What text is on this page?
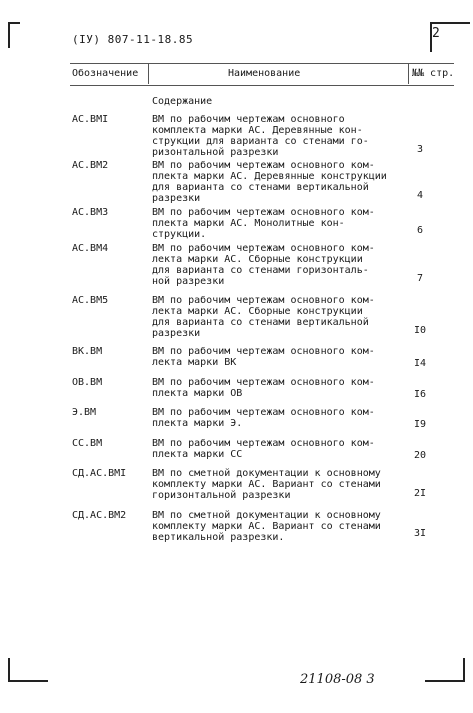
(IУ) 807-11-18.85	2
Обозначение	Наименование	№№ стр.
Содержание
АС.ВМI	ВМ по рабочим чертежам основного
комплекта марки АС. Деревянные кон-
струкции для варианта со стенами го-
ризонтальной разрезки	3
АС.ВМ2	ВМ по рабочим чертежам основного ком-
плекта марки АС. Деревянные конструкции
для варианта со стенами вертикальной
разрезки	4
АС.ВМ3	ВМ по рабочим чертежам основного ком-
плекта марки АС. Монолитные кон-
струкции.	6
АС.ВМ4	ВМ по рабочим чертежам основного ком-
лекта марки АС. Сборные конструкции
для варианта со стенами горизонталь-
ной разрезки	7
АС.ВМ5	ВМ по рабочим чертежам основного ком-
лекта марки АС. Сборные конструкции
для варианта со стенами вертикальной
разрезки	I0
ВК.ВМ	ВМ по рабочим чертежам основного ком-
лекта марки ВК	I4
ОВ.ВМ	ВМ по рабочим чертежам основного ком-
плекта марки ОВ	I6
Э.ВМ	ВМ по рабочим чертежам основного ком-
плекта марки Э.	I9
СС.ВМ	ВМ по рабочим чертежам основного ком-
плекта марки СС	20
СД.АС.ВМI	ВМ по сметной документации к основному
комплекту марки АС. Вариант со стенами
горизонтальной разрезки	2I
СД.АС.ВМ2	ВМ по сметной документации к основному
комплекту марки АС. Вариант со стенами
вертикальной разрезки.	3I
21108-08 3
